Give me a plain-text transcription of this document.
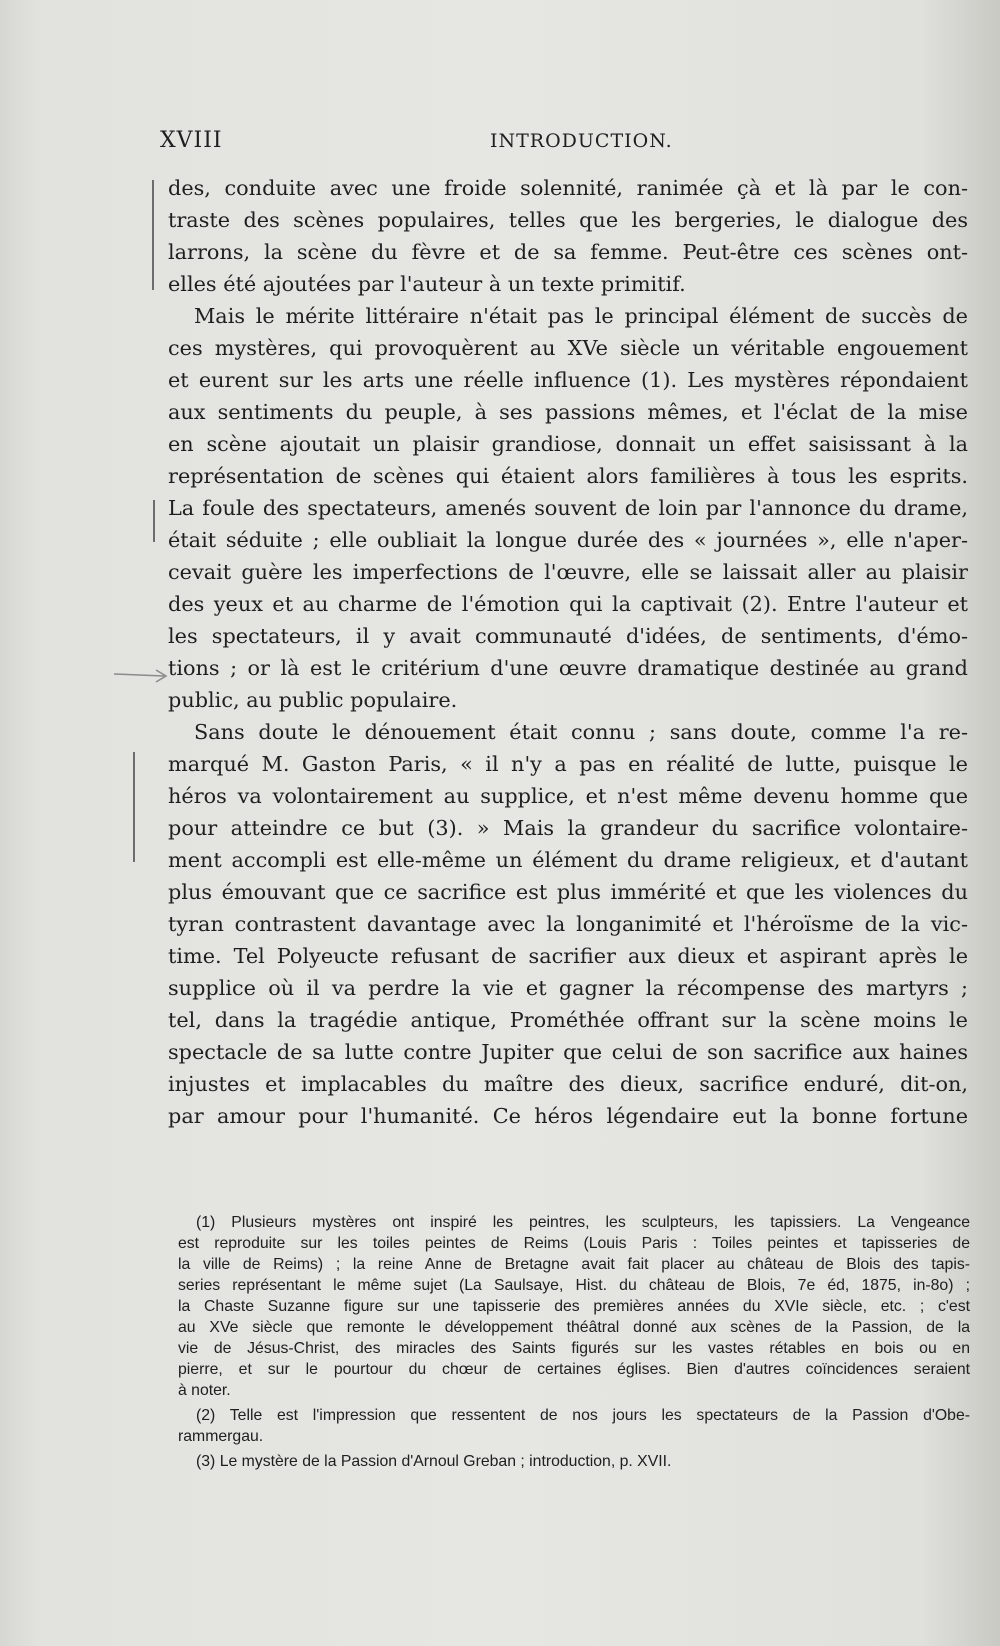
XVIII	INTRODUCTION.
des, conduite avec une froide solennité, ranimée çà et là par le con-
traste des scènes populaires, telles que les bergeries, le dialogue des
larrons, la scène du fèvre et de sa femme. Peut-être ces scènes ont-
elles été ajoutées par l'auteur à un texte primitif.
Mais le mérite littéraire n'était pas le principal élément de succès de
ces mystères, qui provoquèrent au XVe siècle un véritable engouement
et eurent sur les arts une réelle influence (1). Les mystères répondaient
aux sentiments du peuple, à ses passions mêmes, et l'éclat de la mise
en scène ajoutait un plaisir grandiose, donnait un effet saisissant à la
représentation de scènes qui étaient alors familières à tous les esprits.
La foule des spectateurs, amenés souvent de loin par l'annonce du drame,
était séduite ; elle oubliait la longue durée des « journées », elle n'aper-
cevait guère les imperfections de l'œuvre, elle se laissait aller au plaisir
des yeux et au charme de l'émotion qui la captivait (2). Entre l'auteur et
les spectateurs, il y avait communauté d'idées, de sentiments, d'émo-
tions ; or là est le critérium d'une œuvre dramatique destinée au grand
public, au public populaire.
Sans doute le dénouement était connu ; sans doute, comme l'a re-
marqué M. Gaston Paris, « il n'y a pas en réalité de lutte, puisque le
héros va volontairement au supplice, et n'est même devenu homme que
pour atteindre ce but (3). » Mais la grandeur du sacrifice volontaire-
ment accompli est elle-même un élément du drame religieux, et d'autant
plus émouvant que ce sacrifice est plus immérité et que les violences du
tyran contrastent davantage avec la longanimité et l'héroïsme de la vic-
time. Tel Polyeucte refusant de sacrifier aux dieux et aspirant après le
supplice où il va perdre la vie et gagner la récompense des martyrs ;
tel, dans la tragédie antique, Prométhée offrant sur la scène moins le
spectacle de sa lutte contre Jupiter que celui de son sacrifice aux haines
injustes et implacables du maître des dieux, sacrifice enduré, dit-on,
par amour pour l'humanité. Ce héros légendaire eut la bonne fortune
(1) Plusieurs mystères ont inspiré les peintres, les sculpteurs, les tapissiers. La Vengeance
est reproduite sur les toiles peintes de Reims (Louis Paris : Toiles peintes et tapisseries de
la ville de Reims) ; la reine Anne de Bretagne avait fait placer au château de Blois des tapis-
series représentant le même sujet (La Saulsaye, Hist. du château de Blois, 7e éd, 1875, in-8o) ;
la Chaste Suzanne figure sur une tapisserie des premières années du XVIe siècle, etc. ; c'est
au XVe siècle que remonte le développement théâtral donné aux scènes de la Passion, de la
vie de Jésus-Christ, des miracles des Saints figurés sur les vastes rétables en bois ou en
pierre, et sur le pourtour du chœur de certaines églises. Bien d'autres coïncidences seraient
à noter.
(2) Telle est l'impression que ressentent de nos jours les spectateurs de la Passion d'Obe-
rammergau.
(3) Le mystère de la Passion d'Arnoul Greban ; introduction, p. XVII.
